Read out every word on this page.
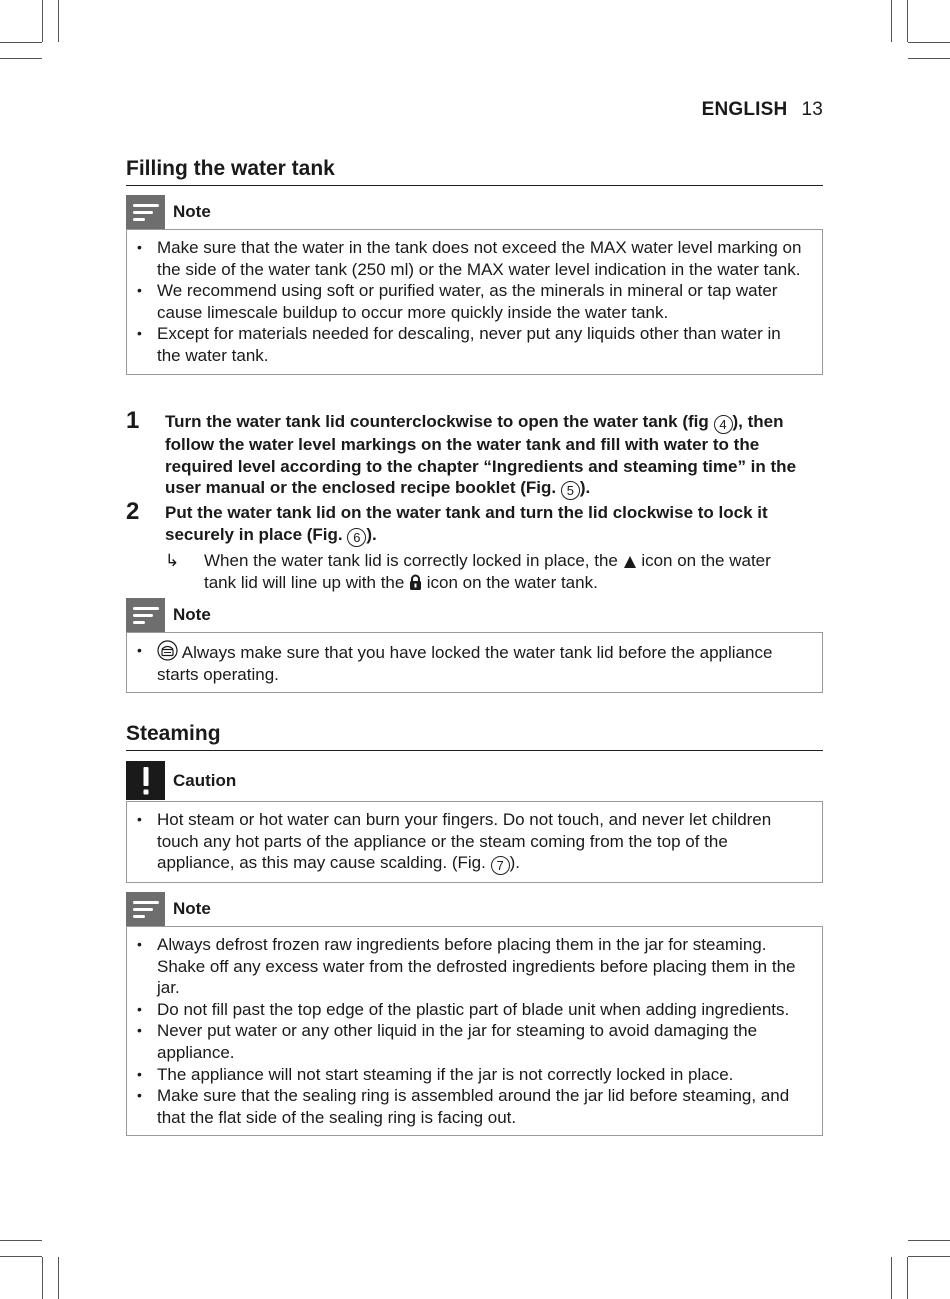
ENGLISH 13
Filling the water tank
Note
• Make sure that the water in the tank does not exceed the MAX water level marking on the side of the water tank (250 ml) or the MAX water level indication in the water tank.
• We recommend using soft or purified water, as the minerals in mineral or tap water cause limescale buildup to occur more quickly inside the water tank.
• Except for materials needed for descaling, never put any liquids other than water in the water tank.
1 Turn the water tank lid counterclockwise to open the water tank (fig 4 ), then follow the water level markings on the water tank and fill with water to the required level according to the chapter “Ingredients and steaming time” in the user manual or the enclosed recipe booklet (Fig. 5 ).
2 Put the water tank lid on the water tank and turn the lid clockwise to lock it securely in place (Fig. 6 ).
↳ When the water tank lid is correctly locked in place, the  icon on the water tank lid will line up with the  icon on the water tank.
Note
• Always make sure that you have locked the water tank lid before the appliance starts operating.
Steaming
Caution
• Hot steam or hot water can burn your fingers. Do not touch, and never let children touch any hot parts of the appliance or the steam coming from the top of the appliance, as this may cause scalding. (Fig. 7 ).
Note
• Always defrost frozen raw ingredients before placing them in the jar for steaming. Shake off any excess water from the defrosted ingredients before placing them in the jar.
• Do not fill past the top edge of the plastic part of blade unit when adding ingredients.
• Never put water or any other liquid in the jar for steaming to avoid damaging the appliance.
• The appliance will not start steaming if the jar is not correctly locked in place.
• Make sure that the sealing ring is assembled around the jar lid before steaming, and that the flat side of the sealing ring is facing out.
